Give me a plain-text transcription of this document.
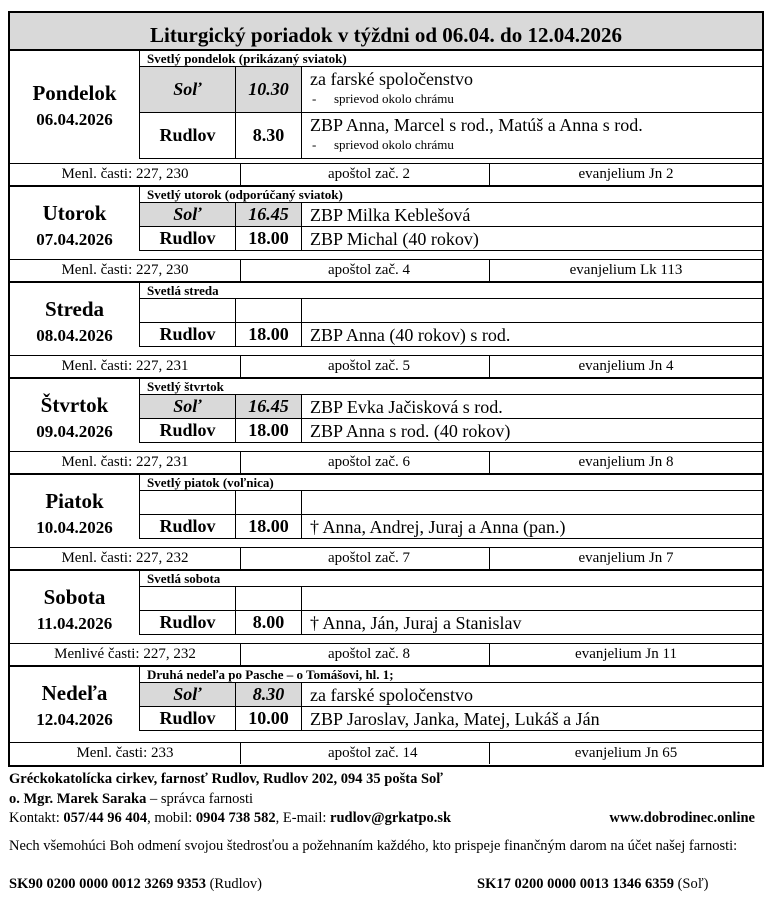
Liturgický poriadok v týždni od 06.04. do 12.04.2026
Pondelok
06.04.2026
Svetlý pondelok (prikázaný sviatok)
Soľ	10.30	za farské spoločenstvo
- sprievod okolo chrámu
Rudlov	8.30	ZBP Anna, Marcel s rod., Matúš a Anna s rod.
- sprievod okolo chrámu
Menl. časti: 227, 230	apoštol zač. 2	evanjelium Jn 2
Utorok
07.04.2026
Svetlý utorok (odporúčaný sviatok)
Soľ	16.45	ZBP Milka Keblešová
Rudlov	18.00	ZBP Michal (40 rokov)
Menl. časti: 227, 230	apoštol zač. 4	evanjelium Lk 113
Streda
08.04.2026
Svetlá streda
Rudlov	18.00	ZBP Anna (40 rokov) s rod.
Menl. časti: 227, 231	apoštol zač. 5	evanjelium Jn 4
Štvrtok
09.04.2026
Svetlý štvrtok
Soľ	16.45	ZBP Evka Jačisková s rod.
Rudlov	18.00	ZBP Anna s rod. (40 rokov)
Menl. časti: 227, 231	apoštol zač. 6	evanjelium Jn 8
Piatok
10.04.2026
Svetlý piatok (voľnica)
Rudlov	18.00	† Anna, Andrej, Juraj a Anna (pan.)
Menl. časti: 227, 232	apoštol zač. 7	evanjelium Jn 7
Sobota
11.04.2026
Svetlá sobota
Rudlov	8.00	† Anna, Ján, Juraj a Stanislav
Menlivé časti: 227, 232	apoštol zač. 8	evanjelium Jn 11
Nedeľa
12.04.2026
Druhá nedeľa po Pasche – o Tomášovi, hl. 1;
Soľ	8.30	za farské spoločenstvo
Rudlov	10.00	ZBP Jaroslav, Janka, Matej, Lukáš a Ján
Menl. časti: 233	apoštol zač. 14	evanjelium Jn 65
Gréckokatolícka cirkev, farnosť Rudlov, Rudlov 202, 094 35 pošta Soľ
o. Mgr. Marek Saraka – správca farnosti
Kontakt: 057/44 96 404, mobil: 0904 738 582, E-mail: rudlov@grkatpo.sk	www.dobrodinec.online
Nech všemohúci Boh odmení svojou štedrosťou a požehnaním každého, kto prispeje finančným darom na účet našej farnosti:
SK90 0200 0000 0012 3269 9353 (Rudlov)	SK17 0200 0000 0013 1346 6359 (Soľ)
